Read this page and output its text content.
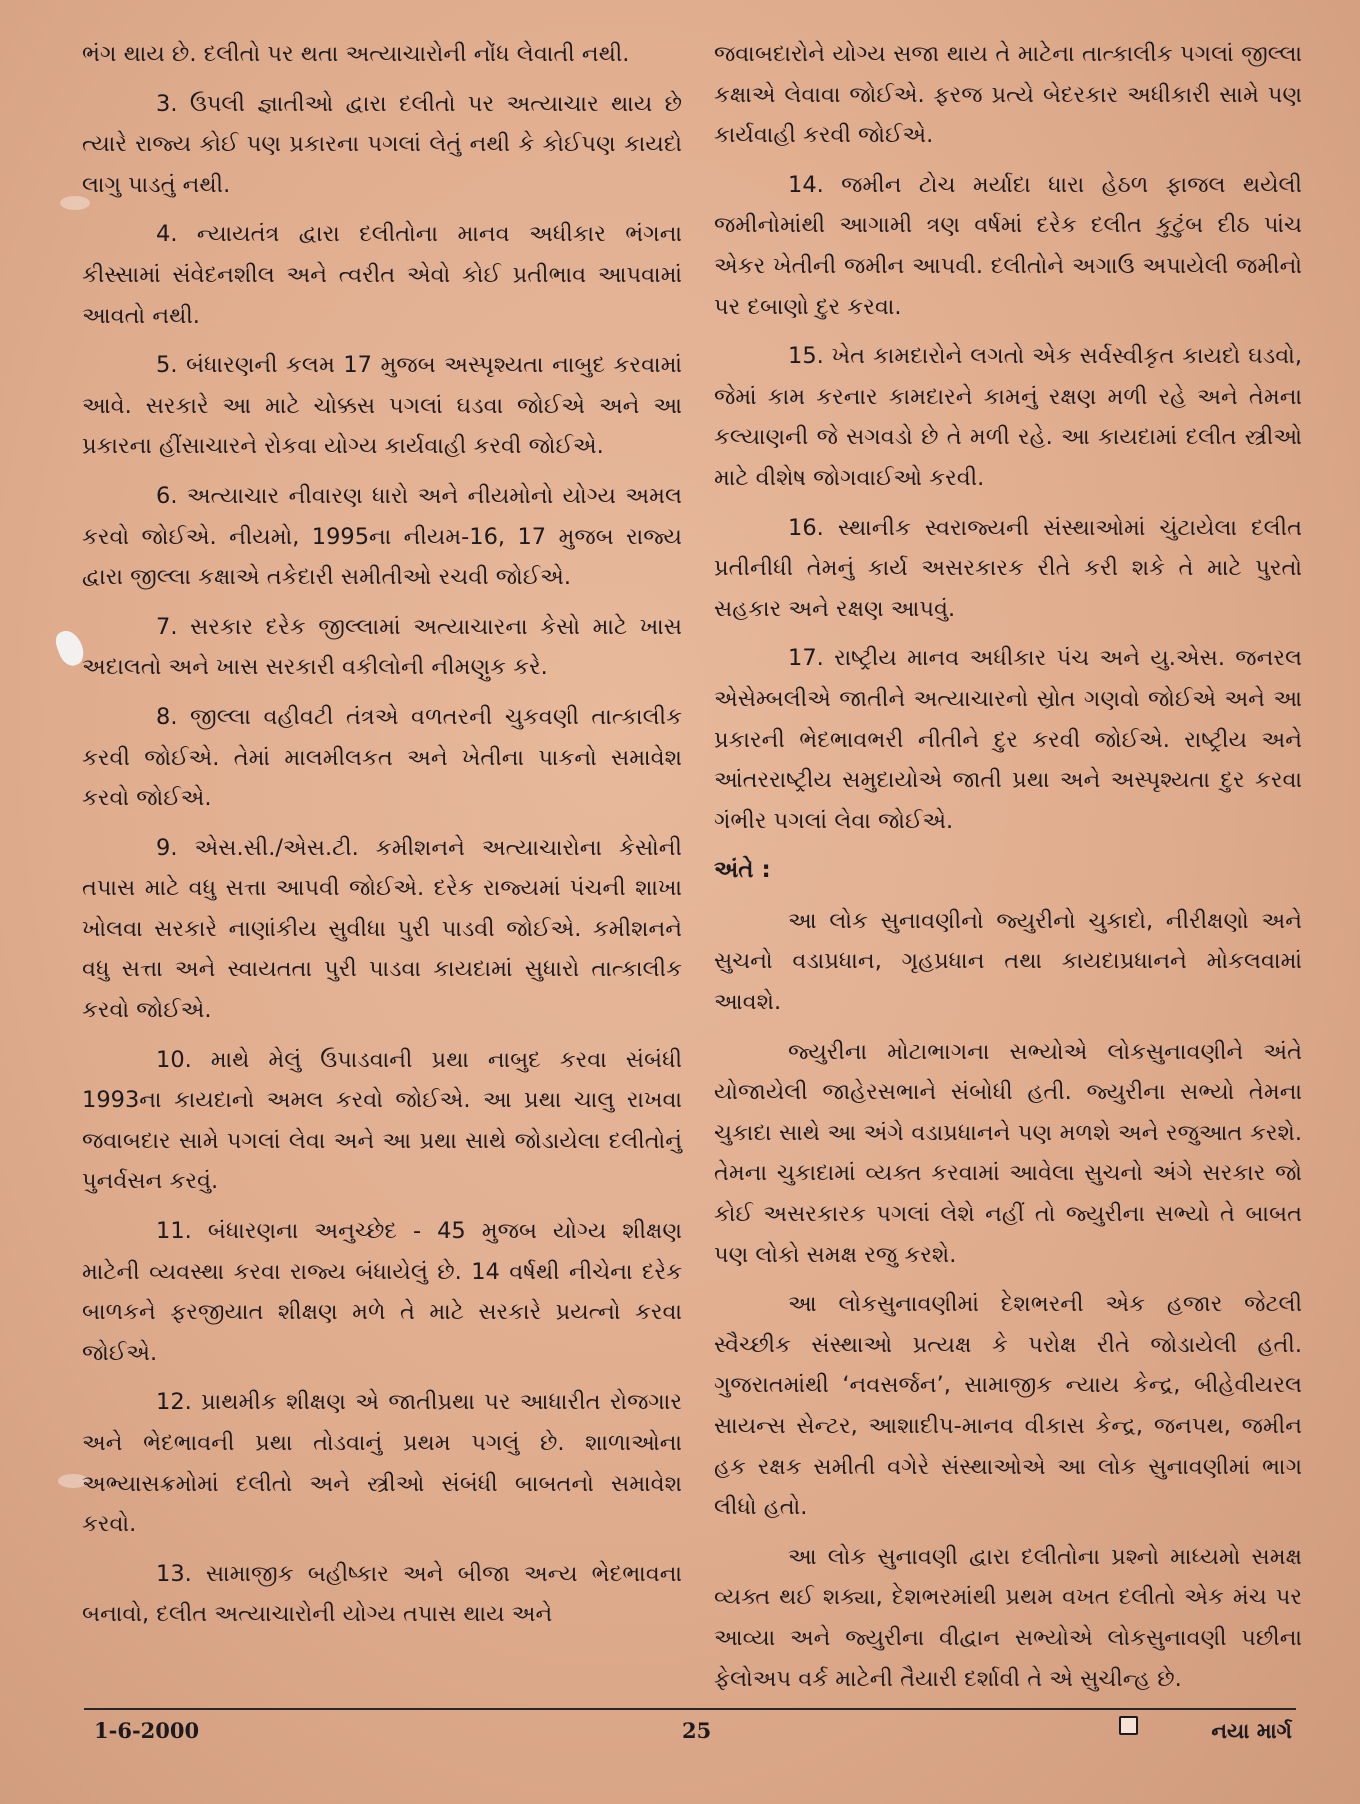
ભંગ થાય છે. દલીતો પર થતા અત્યાચારોની નોંધ લેવાતી નથી.

3. ઉપલી જ્ઞાતીઓ દ્વારા દલીતો પર અત્યાચાર થાય છે ત્યારે રાજ્ય કોઈ પણ પ્રકારના પગલાં લેતું નથી કે કોઈપણ કાયદો લાગુ પાડતું નથી.

4. ન્યાયતંત્ર દ્વારા દલીતોના માનવ અધીકાર ભંગના કીસ્સામાં સંવેદનશીલ અને ત્વરીત એવો કોઈ પ્રતીભાવ આપવામાં આવતો નથી.

5. બંધારણની કલમ 17 મુજબ અસ્પૃશ્યતા નાબુદ કરવામાં આવે. સરકારે આ માટે ચોક્કસ પગલાં ઘડવા જોઈએ અને આ પ્રકારના હીંસાચારને રોકવા યોગ્ય કાર્યવાહી કરવી જોઈએ.

6. અત્યાચાર નીવારણ ધારો અને નીયમોનો યોગ્ય અમલ કરવો જોઈએ. નીયમો, 1995ના નીયમ-16, 17 મુજબ રાજ્ય દ્વારા જીલ્લા કક્ષાએ તકેદારી સમીતીઓ રચવી જોઈએ.

7. સરકાર દરેક જીલ્લામાં અત્યાચારના કેસો માટે ખાસ અદાલતો અને ખાસ સરકારી વકીલોની નીમણુક કરે.

8. જીલ્લા વહીવટી તંત્રએ વળતરની ચુકવણી તાત્કાલીક કરવી જોઈએ. તેમાં માલમીલકત અને ખેતીના પાકનો સમાવેશ કરવો જોઈએ.

9. એસ.સી./એસ.ટી. કમીશનને અત્યાચારોના કેસોની તપાસ માટે વધુ સત્તા આપવી જોઈએ. દરેક રાજ્યમાં પંચની શાખા ખોલવા સરકારે નાણાંકીય સુવીધા પુરી પાડવી જોઈએ. કમીશનને વધુ સત્તા અને સ્વાયતતા પુરી પાડવા કાયદામાં સુધારો તાત્કાલીક કરવો જોઈએ.

10. માથે મેલું ઉપાડવાની પ્રથા નાબુદ કરવા સંબંધી 1993ના કાયદાનો અમલ કરવો જોઈએ. આ પ્રથા ચાલુ રાખવા જવાબદાર સામે પગલાં લેવા અને આ પ્રથા સાથે જોડાયેલા દલીતોનું પુનર્વસન કરવું.

11. બંધારણના અનુચ્છેદ - 45 મુજબ યોગ્ય શીક્ષણ માટેની વ્યવસ્થા કરવા રાજ્ય બંધાયેલું છે. 14 વર્ષથી નીચેના દરેક બાળકને ફરજીયાત શીક્ષણ મળે તે માટે સરકારે પ્રયત્નો કરવા જોઈએ.

12. પ્રાથમીક શીક્ષણ એ જાતીપ્રથા પર આધારીત રોજગાર અને ભેદભાવની પ્રથા તોડવાનું પ્રથમ પગલું છે. શાળાઓના અભ્યાસક્રમોમાં દલીતો અને સ્ત્રીઓ સંબંધી બાબતનો સમાવેશ કરવો.

13. સામાજીક બહીષ્કાર અને બીજા અન્ય ભેદભાવના બનાવો, દલીત અત્યાચારોની યોગ્ય તપાસ થાય અને

જવાબદારોને યોગ્ય સજા થાય તે માટેના તાત્કાલીક પગલાં જીલ્લા કક્ષાએ લેવાવા જોઈએ. ફરજ પ્રત્યે બેદરકાર અધીકારી સામે પણ કાર્યવાહી કરવી જોઈએ.

14. જમીન ટોચ મર્યાદા ધારા હેઠળ ફાજલ થયેલી જમીનોમાંથી આગામી ત્રણ વર્ષમાં દરેક દલીત કુટુંબ દીઠ પાંચ એકર ખેતીની જમીન આપવી. દલીતોને અગાઉ અપાયેલી જમીનો પર દબાણો દુર કરવા.

15. ખેત કામદારોને લગતો એક સર્વસ્વીકૃત કાયદો ઘડવો, જેમાં કામ કરનાર કામદારને કામનું રક્ષણ મળી રહે અને તેમના કલ્યાણની જે સગવડો છે તે મળી રહે. આ કાયદામાં દલીત સ્ત્રીઓ માટે વીશેષ જોગવાઈઓ કરવી.

16. સ્થાનીક સ્વરાજ્યની સંસ્થાઓમાં ચુંટાયેલા દલીત પ્રતીનીધી તેમનું કાર્ય અસરકારક રીતે કરી શકે તે માટે પુરતો સહકાર અને રક્ષણ આપવું.

17. રાષ્ટ્રીય માનવ અધીકાર પંચ અને યુ.એસ. જનરલ એસેમ્બલીએ જાતીને અત્યાચારનો સ્રોત ગણવો જોઈએ અને આ પ્રકારની ભેદભાવભરી નીતીને દુર કરવી જોઈએ. રાષ્ટ્રીય અને આંતરરાષ્ટ્રીય સમુદાયોએ જાતી પ્રથા અને અસ્પૃશ્યતા દુર કરવા ગંભીર પગલાં લેવા જોઈએ.

અંતે :

આ લોક સુનાવણીનો જ્યુરીનો ચુકાદો, નીરીક્ષણો અને સુચનો વડાપ્રધાન, ગૃહપ્રધાન તથા કાયદાપ્રધાનને મોકલવામાં આવશે.

જ્યુરીના મોટાભાગના સભ્યોએ લોકસુનાવણીને અંતે યોજાયેલી જાહેરસભાને સંબોધી હતી. જ્યુરીના સભ્યો તેમના ચુકાદા સાથે આ અંગે વડાપ્રધાનને પણ મળશે અને રજુઆત કરશે. તેમના ચુકાદામાં વ્યક્ત કરવામાં આવેલા સુચનો અંગે સરકાર જો કોઈ અસરકારક પગલાં લેશે નહીં તો જ્યુરીના સભ્યો તે બાબત પણ લોકો સમક્ષ રજુ કરશે.

આ લોકસુનાવણીમાં દેશભરની એક હજાર જેટલી સ્વૈચ્છીક સંસ્થાઓ પ્રત્યક્ષ કે પરોક્ષ રીતે જોડાયેલી હતી. ગુજરાતમાંથી ‘નવસર્જન’, સામાજીક ન્યાય કેન્દ્ર, બીહેવીયરલ સાયન્સ સેન્ટર, આશાદીપ-માનવ વીકાસ કેન્દ્ર, જનપથ, જમીન હક રક્ષક સમીતી વગેરે સંસ્થાઓએ આ લોક સુનાવણીમાં ભાગ લીધો હતો.

આ લોક સુનાવણી દ્વારા દલીતોના પ્રશ્નો માધ્યમો સમક્ષ વ્યક્ત થઈ શક્યા, દેશભરમાંથી પ્રથમ વખત દલીતો એક મંચ પર આવ્યા અને જ્યુરીના વીદ્વાન સભ્યોએ લોકસુનાવણી પછીના ફેલોઅપ વર્ક માટેની તૈયારી દર્શાવી તે એ સુચીન્હ છે.

1-6-2000	25	નયા માર્ગ
